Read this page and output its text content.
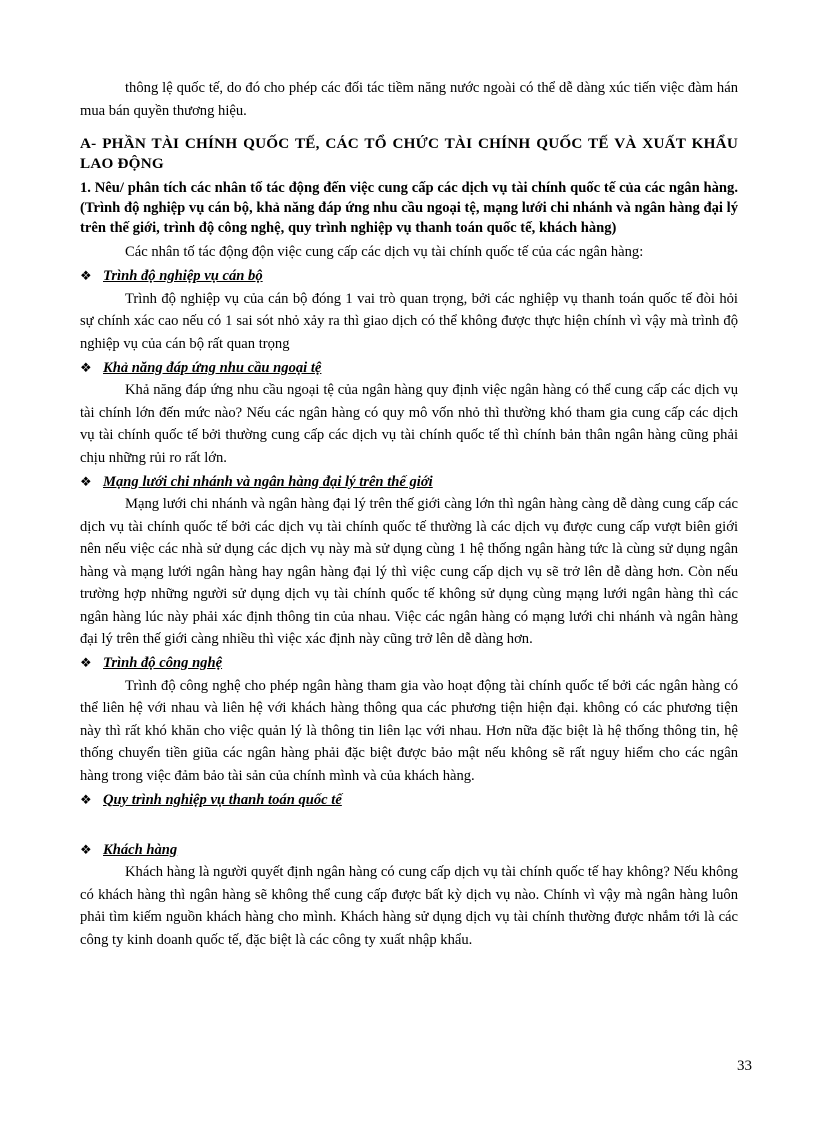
thông lệ quốc tế, do đó cho phép các đối tác tiềm năng nước ngoài có thể dễ dàng xúc tiến việc đàm hán mua bán quyền thương hiệu.

A- PHẦN TÀI CHÍNH QUỐC TẾ, CÁC TỔ CHỨC TÀI CHÍNH QUỐC TẾ VÀ XUẤT KHẨU LAO ĐỘNG

1. Nêu/ phân tích các nhân tố tác động đến việc cung cấp các dịch vụ tài chính quốc tế của các ngân hàng. (Trình độ nghiệp vụ cán bộ, khả năng đáp ứng nhu cầu ngoại tệ, mạng lưới chi nhánh và ngân hàng đại lý trên thế giới, trình độ công nghệ, quy trình nghiệp vụ thanh toán quốc tế, khách hàng)

Các nhân tố tác động độn việc cung cấp các dịch vụ tài chính quốc tế của các ngân hàng:

❖ Trình độ nghiệp vụ cán bộ

Trình độ nghiệp vụ của cán bộ đóng 1 vai trò quan trọng, bởi các nghiệp vụ thanh toán quốc tế đòi hỏi sự chính xác cao nếu có 1 sai sót nhỏ xảy ra thì giao dịch có thể không được thực hiện chính vì vậy mà trình độ nghiệp vụ của cán bộ rất quan trọng

❖ Khả năng đáp ứng nhu cầu ngoại tệ

Khả năng đáp ứng nhu cầu ngoại tệ của ngân hàng quy định việc ngân hàng có thể cung cấp các dịch vụ tài chính lớn đến mức nào? Nếu các ngân hàng có quy mô vốn nhỏ thì thường khó tham gia cung cấp các dịch vụ tài chính quốc tế bởi thường cung cấp các dịch vụ tài chính quốc tế thì chính bản thân ngân hàng cũng phải chịu những rủi ro rất lớn.

❖ Mạng lưới chi nhánh và ngân hàng đại lý trên thế giới

Mạng lưới chi nhánh và ngân hàng đại lý trên thế giới càng lớn thì ngân hàng càng dễ dàng cung cấp các dịch vụ tài chính quốc tế bởi các dịch vụ tài chính quốc tế thường là các dịch vụ được cung cấp vượt biên giới nên nếu việc các nhà sử dụng các dịch vụ này mà sử dụng cùng 1 hệ thống ngân hàng tức là cùng sử dụng ngân hàng và mạng lưới ngân hàng hay ngân hàng đại lý thì việc cung cấp dịch vụ sẽ trở lên dễ dàng hơn. Còn nếu trường hợp những người sử dụng dịch vụ tài chính quốc tế không sử dụng cùng mạng lưới ngân hàng thì các ngân hàng lúc này phải xác định thông tin của nhau. Việc các ngân hàng có mạng lưới chi nhánh và ngân hàng đại lý trên thế giới càng nhiều thì việc xác định này cũng trở lên dễ dàng hơn.

❖ Trình độ công nghệ

Trình độ công nghệ cho phép ngân hàng tham gia vào hoạt động tài chính quốc tế bởi các ngân hàng có thể liên hệ với nhau và liên hệ với khách hàng thông qua các phương tiện hiện đại. không có các phương tiện này thì rất khó khăn cho việc quản lý là thông tin liên lạc với nhau. Hơn nữa đặc biệt là hệ thống thông tin, hệ thống chuyển tiền giũa các ngân hàng phải đặc biệt được bảo mật nếu không sẽ rất nguy hiểm cho các ngân hàng trong việc đảm bảo tài sản của chính mình và của khách hàng.

❖ Quy trình nghiệp vụ thanh toán quốc tế
❖ Khách hàng

Khách hàng là người quyết định ngân hàng có cung cấp dịch vụ tài chính quốc tế hay không? Nếu không có khách hàng thì ngân hàng sẽ không thể cung cấp được bất kỳ dịch vụ nào. Chính vì vậy mà ngân hàng luôn phải tìm kiếm nguồn khách hàng cho mình. Khách hàng sử dụng dịch vụ tài chính thường được nhắm tới là các công ty kinh doanh quốc tế, đặc biệt là các công ty xuất nhập khẩu.

33
